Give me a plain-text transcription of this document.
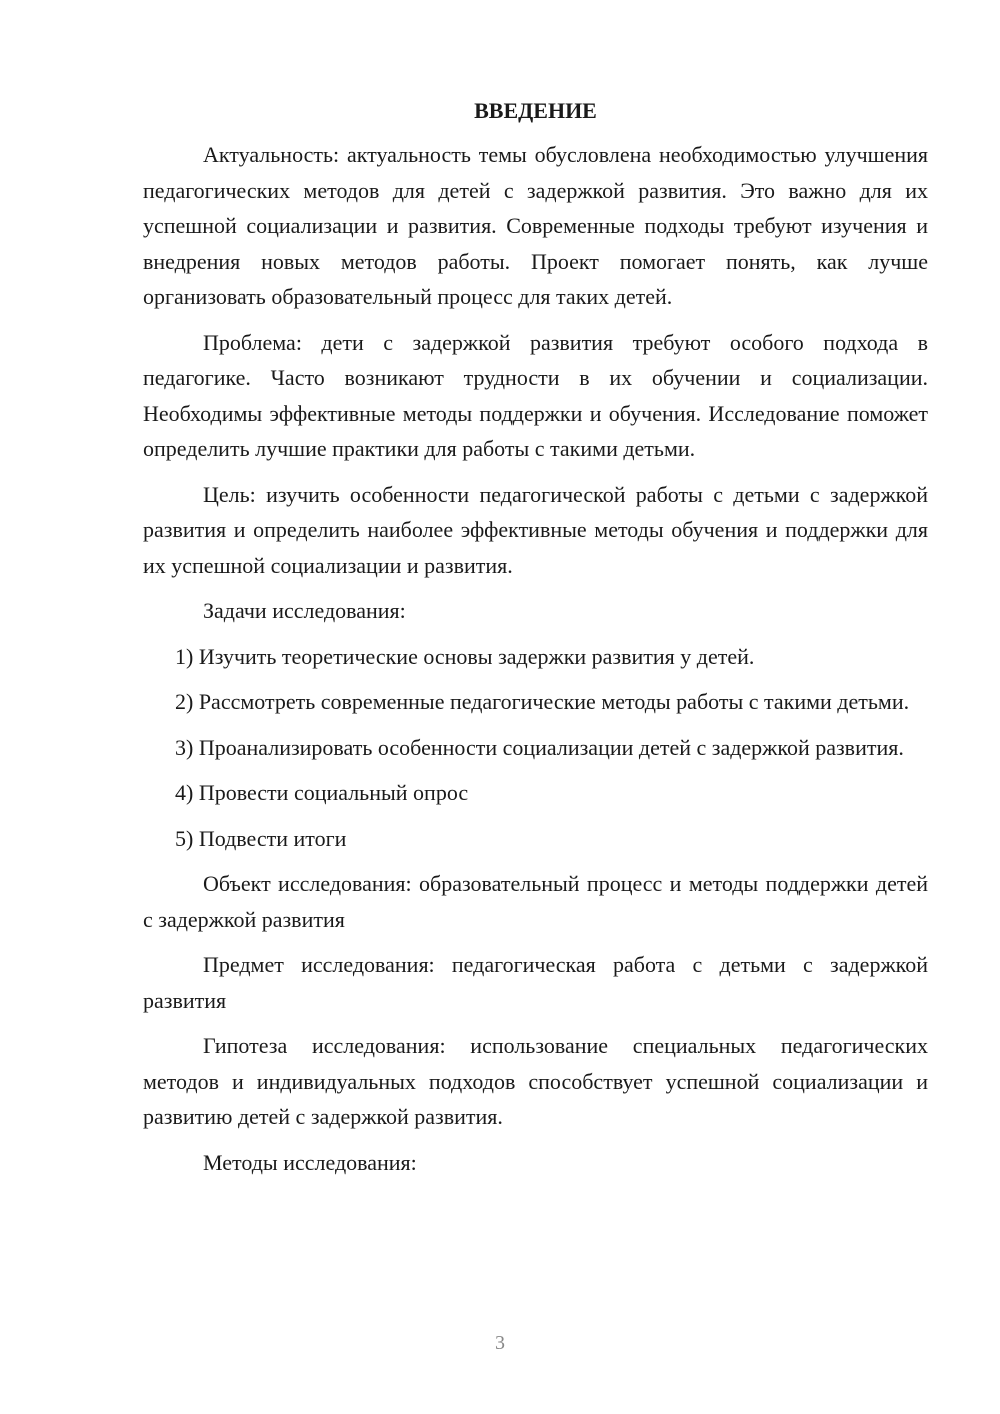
ВВЕДЕНИЕ

Актуальность: актуальность темы обусловлена необходимостью улучшения педагогических методов для детей с задержкой развития. Это важно для их успешной социализации и развития. Современные подходы требуют изучения и внедрения новых методов работы. Проект помогает понять, как лучше организовать образовательный процесс для таких детей.

Проблема: дети с задержкой развития требуют особого подхода в педагогике. Часто возникают трудности в их обучении и социализации. Необходимы эффективные методы поддержки и обучения. Исследование поможет определить лучшие практики для работы с такими детьми.

Цель: изучить особенности педагогической работы с детьми с задержкой развития и определить наиболее эффективные методы обучения и поддержки для их успешной социализации и развития.

Задачи исследования:

1) Изучить теоретические основы задержки развития у детей.

2) Рассмотреть современные педагогические методы работы с такими детьми.

3) Проанализировать особенности социализации детей с задержкой развития.

4) Провести социальный опрос

5) Подвести итоги

Объект исследования: образовательный процесс и методы поддержки детей с задержкой развития

Предмет исследования: педагогическая работа с детьми с задержкой развития

Гипотеза исследования: использование специальных педагогических методов и индивидуальных подходов способствует успешной социализации и развитию детей с задержкой развития.

Методы исследования:

3
